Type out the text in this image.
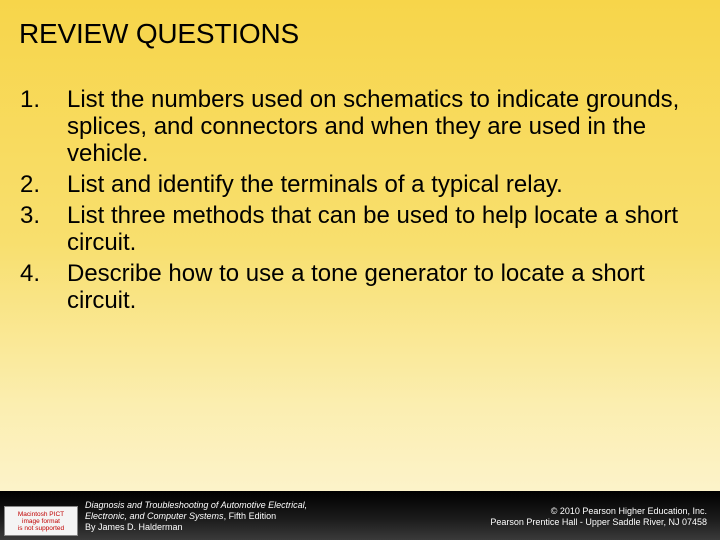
REVIEW QUESTIONS
1.	List the numbers used on schematics to indicate grounds, splices, and connectors and when they are used in the vehicle.
2.	List and identify the terminals of a typical relay.
3.	List three methods that can be used to help locate a short circuit.
4.	Describe how to use a tone generator to locate a short circuit.
Macintosh PICT
image format
is not supported
Diagnosis and Troubleshooting of Automotive Electrical,
Electronic, and Computer Systems, Fifth Edition
By James D. Halderman
© 2010 Pearson Higher Education, Inc.
Pearson Prentice Hall - Upper Saddle River, NJ 07458
